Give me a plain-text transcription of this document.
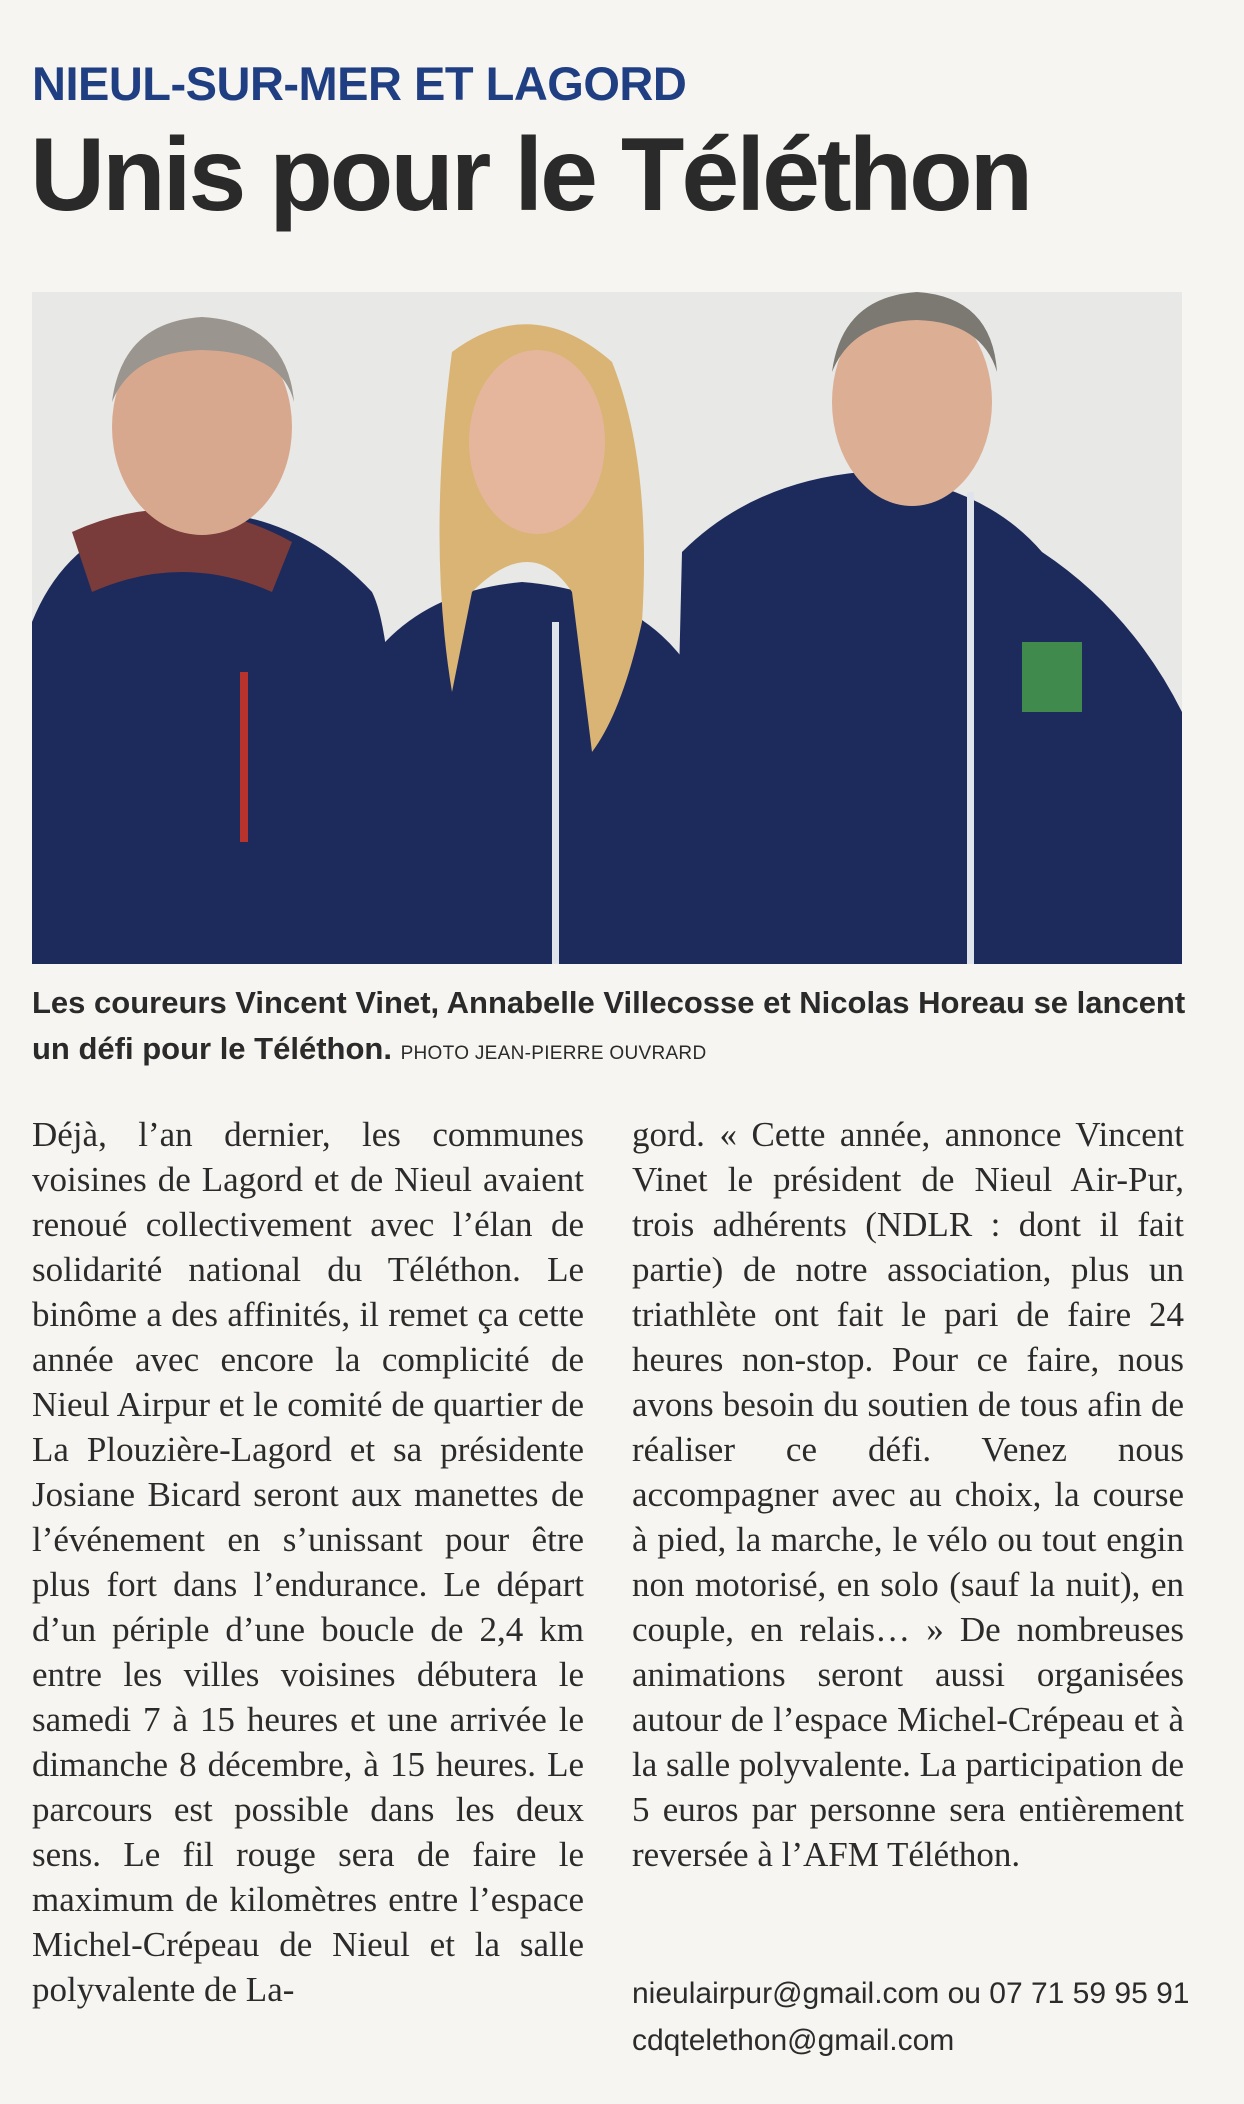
NIEUL-SUR-MER ET LAGORD
Unis pour le Téléthon

Les coureurs Vincent Vinet, Annabelle Villecosse et Nicolas Horeau se lancent un défi pour le Téléthon. PHOTO JEAN-PIERRE OUVRARD

Déjà, l’an dernier, les communes voisines de Lagord et de Nieul avaient renoué collectivement avec l’élan de solidarité national du Téléthon. Le binôme a des affinités, il remet ça cette année avec encore la complicité de Nieul Airpur et le comité de quartier de La Plouzière-Lagord et sa présidente Josiane Bicard seront aux manettes de l’événement en s’unissant pour être plus fort dans l’endurance. Le départ d’un périple d’une boucle de 2,4 km entre les villes voisines débutera le samedi 7 à 15 heures et une arrivée le dimanche 8 décembre, à 15 heures. Le parcours est possible dans les deux sens. Le fil rouge sera de faire le maximum de kilomètres entre l’espace Michel-Crépeau de Nieul et la salle polyvalente de La-

gord. « Cette année, annonce Vincent Vinet le président de Nieul Air-Pur, trois adhérents (NDLR : dont il fait partie) de notre association, plus un triathlète ont fait le pari de faire 24 heures non-stop. Pour ce faire, nous avons besoin du soutien de tous afin de réaliser ce défi. Venez nous accompagner avec au choix, la course à pied, la marche, le vélo ou tout engin non motorisé, en solo (sauf la nuit), en couple, en relais… » De nombreuses animations seront aussi organisées autour de l’espace Michel-Crépeau et à la salle polyvalente. La participation de 5 euros par personne sera entièrement reversée à l’AFM Téléthon.

nieulairpur@gmail.com ou 07 71 59 95 91
cdqtelethon@gmail.com
